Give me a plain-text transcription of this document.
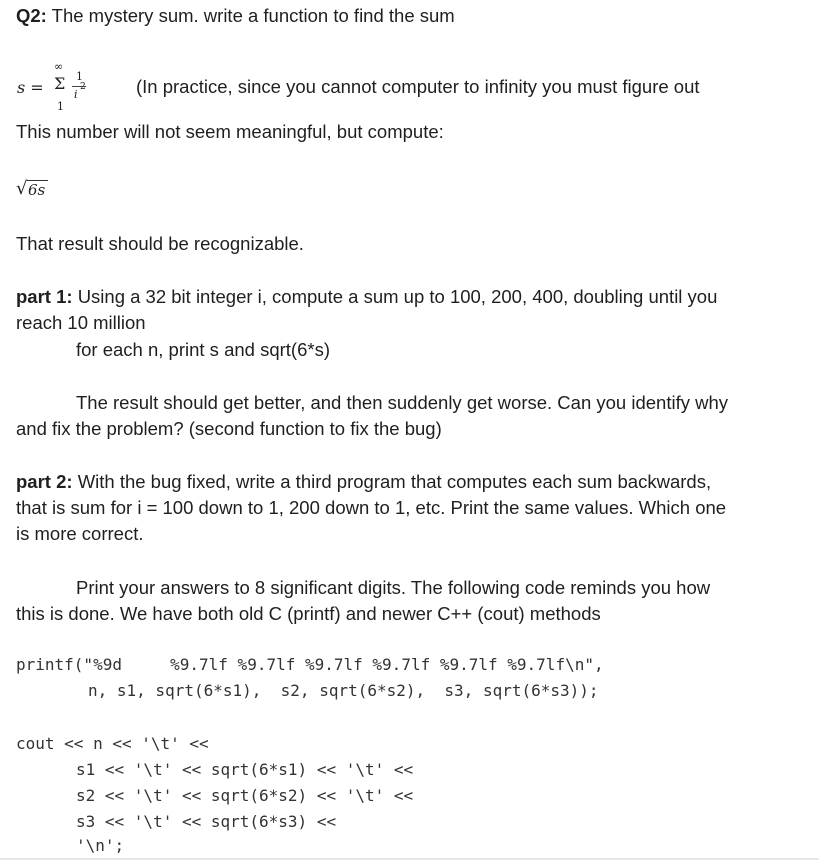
Q2: The mystery sum. write a function to find the sum
s = Σ
∞
1
1
i
2	(In practice, since you cannot computer to infinity you must figure out
This number will not seem meaningful, but compute:
√ 6s
That result should be recognizable.
part 1: Using a 32 bit integer i, compute a sum up to 100, 200, 400, doubling until you
reach 10 million
for each n, print s and sqrt(6*s)
The result should get better, and then suddenly get worse. Can you identify why
and fix the problem? (second function to fix the bug)
part 2: With the bug fixed, write a third program that computes each sum backwards,
that is sum for i = 100 down to 1, 200 down to 1, etc. Print the same values. Which one
is more correct.
Print your answers to 8 significant digits. The following code reminds you how
this is done. We have both old C (printf) and newer C++ (cout) methods
printf("%9d     %9.7lf %9.7lf %9.7lf %9.7lf %9.7lf %9.7lf\n",
n, s1, sqrt(6*s1),  s2, sqrt(6*s2),  s3, sqrt(6*s3));
cout << n << '\t' <<
s1 << '\t' << sqrt(6*s1) << '\t' <<
s2 << '\t' << sqrt(6*s2) << '\t' <<
s3 << '\t' << sqrt(6*s3) <<
'\n';
